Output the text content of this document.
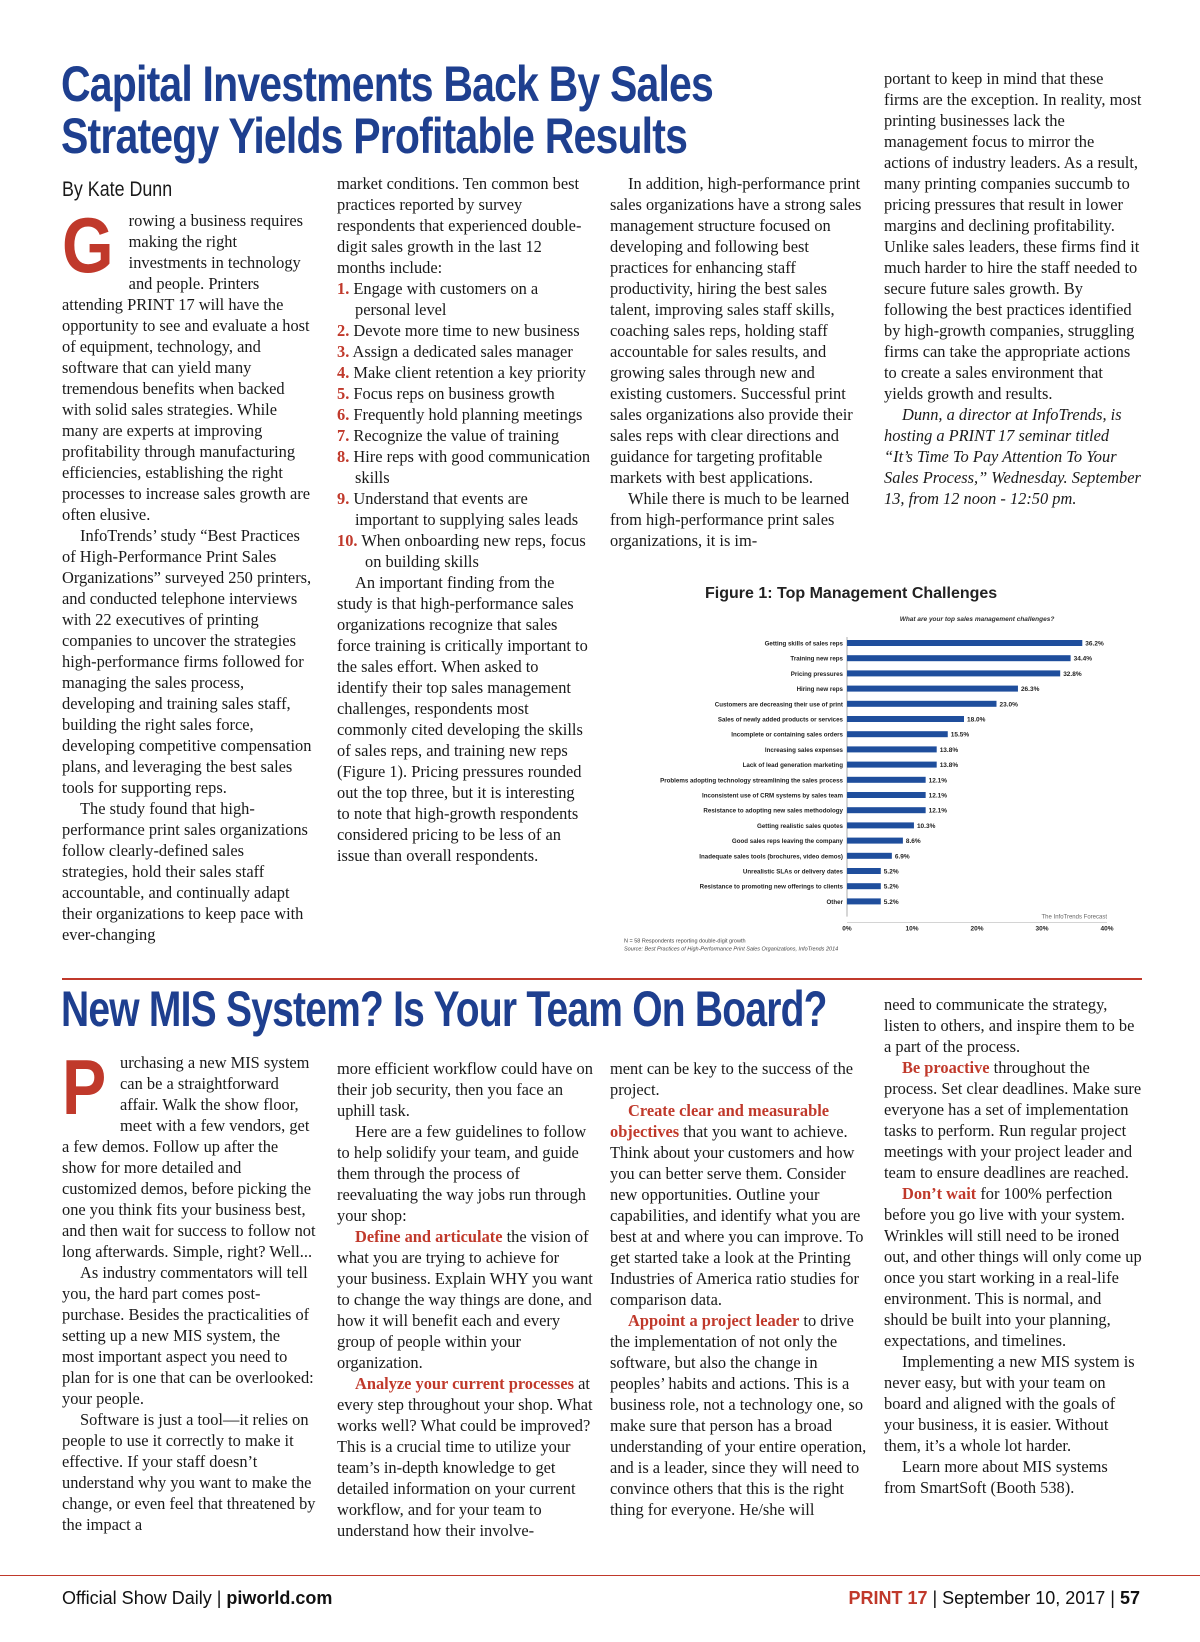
Capital Investments Back By Sales
Strategy Yields Profitable Results
By Kate Dunn

Growing a business requires making the right investments in technology and people. Printers attending PRINT 17 will have the opportunity to see and evaluate a host of equipment, technology, and software that can yield many tremendous benefits when backed with solid sales strategies. While many are experts at improving profitability through manufacturing efficiencies, establishing the right processes to increase sales growth are often elusive.

InfoTrends’ study “Best Practices of High-Performance Print Sales Organizations” surveyed 250 printers, and conducted telephone interviews with 22 executives of printing companies to uncover the strategies high-performance firms followed for managing the sales process, developing and training sales staff, building the right sales force, developing competitive compensation plans, and leveraging the best sales tools for supporting reps.

The study found that high-performance print sales organizations follow clearly-defined sales strategies, hold their sales staff accountable, and continually adapt their organizations to keep pace with ever-changing

market conditions. Ten common best practices reported by survey respondents that experienced double-digit sales growth in the last 12 months include:

1. Engage with customers on a personal level
2. Devote more time to new business
3. Assign a dedicated sales manager
4. Make client retention a key priority
5. Focus reps on business growth
6. Frequently hold planning meetings
7. Recognize the value of training
8. Hire reps with good communication skills
9. Understand that events are important to supplying sales leads
10. When onboarding new reps, focus on building skills

An important finding from the study is that high-performance sales organizations recognize that sales force training is critically important to the sales effort. When asked to identify their top sales management challenges, respondents most commonly cited developing the skills of sales reps, and training new reps (Figure 1). Pricing pressures rounded out the top three, but it is interesting to note that high-growth respondents considered pricing to be less of an issue than overall respondents.

In addition, high-performance print sales organizations have a strong sales management structure focused on developing and following best practices for enhancing staff productivity, hiring the best sales talent, improving sales staff skills, coaching sales reps, holding staff accountable for sales results, and growing sales through new and existing customers. Successful print sales organizations also provide their sales reps with clear directions and guidance for targeting profitable markets with best applications.

While there is much to be learned from high-performance print sales organizations, it is im-

portant to keep in mind that these firms are the exception. In reality, most printing businesses lack the management focus to mirror the actions of industry leaders. As a result, many printing companies succumb to pricing pressures that result in lower margins and declining profitability. Unlike sales leaders, these firms find it much harder to hire the staff needed to secure future sales growth. By following the best practices identified by high-growth companies, struggling firms can take the appropriate actions to create a sales environment that yields growth and results.

Dunn, a director at InfoTrends, is hosting a PRINT 17 seminar titled “It’s Time To Pay Attention To Your Sales Process,” Wednesday. September 13, from 12 noon - 12:50 pm.

Figure 1: Top Management Challenges
What are your top sales management challenges?
Getting skills of sales reps	36.2%
Training new reps	34.4%
Pricing pressures	32.8%
Hiring new reps	26.3%
Customers are decreasing their use of print	23.0%
Sales of newly added products or services	18.0%
Incomplete or containing sales orders	15.5%
Increasing sales expenses	13.8%
Lack of lead generation marketing	13.8%
Problems adopting technology streamlining the sales process	12.1%
Inconsistent use of CRM systems by sales team	12.1%
Resistance to adopting new sales methodology	12.1%
Getting realistic sales quotes	10.3%
Good sales reps leaving the company	8.6%
Inadequate sales tools (brochures, video demos)	6.9%
Unrealistic SLAs or delivery dates	5.2%
Resistance to promoting new offerings to clients	5.2%
Other	5.2%
0%	10%	20%	30%	40%
The InfoTrends Forecast
N = 58 Respondents reporting double-digit growth
Source: Best Practices of High-Performance Print Sales Organizations, InfoTrends 2014
New MIS System? Is Your Team On Board?

Purchasing a new MIS system can be a straightforward affair. Walk the show floor, meet with a few vendors, get a few demos. Follow up after the show for more detailed and customized demos, before picking the one you think fits your business best, and then wait for success to follow not long afterwards. Simple, right? Well...

As industry commentators will tell you, the hard part comes post-purchase. Besides the practicalities of setting up a new MIS system, the most important aspect you need to plan for is one that can be overlooked: your people.

Software is just a tool—it relies on people to use it correctly to make it effective. If your staff doesn’t understand why you want to make the change, or even feel that threatened by the impact a

more efficient workflow could have on their job security, then you face an uphill task.

Here are a few guidelines to follow to help solidify your team, and guide them through the process of reevaluating the way jobs run through your shop:

Define and articulate the vision of what you are trying to achieve for your business. Explain WHY you want to change the way things are done, and how it will benefit each and every group of people within your organization.

Analyze your current processes at every step throughout your shop. What works well? What could be improved? This is a crucial time to utilize your team’s in-depth knowledge to get detailed information on your current workflow, and for your team to understand how their involve-

ment can be key to the success of the project.

Create clear and measurable objectives that you want to achieve. Think about your customers and how you can better serve them. Consider new opportunities. Outline your capabilities, and identify what you are best at and where you can improve. To get started take a look at the Printing Industries of America ratio studies for comparison data.

Appoint a project leader to drive the implementation of not only the software, but also the change in peoples’ habits and actions. This is a business role, not a technology one, so make sure that person has a broad understanding of your entire operation, and is a leader, since they will need to convince others that this is the right thing for everyone. He/she will

need to communicate the strategy, listen to others, and inspire them to be a part of the process.

Be proactive throughout the process. Set clear deadlines. Make sure everyone has a set of implementation tasks to perform. Run regular project meetings with your project leader and team to ensure deadlines are reached.

Don’t wait for 100% perfection before you go live with your system. Wrinkles will still need to be ironed out, and other things will only come up once you start working in a real-life environment. This is normal, and should be built into your planning, expectations, and timelines.

Implementing a new MIS system is never easy, but with your team on board and aligned with the goals of your business, it is easier. Without them, it’s a whole lot harder.

Learn more about MIS systems from SmartSoft (Booth 538).

Official Show Daily | piworld.com	PRINT 17 | September 10, 2017 | 57
